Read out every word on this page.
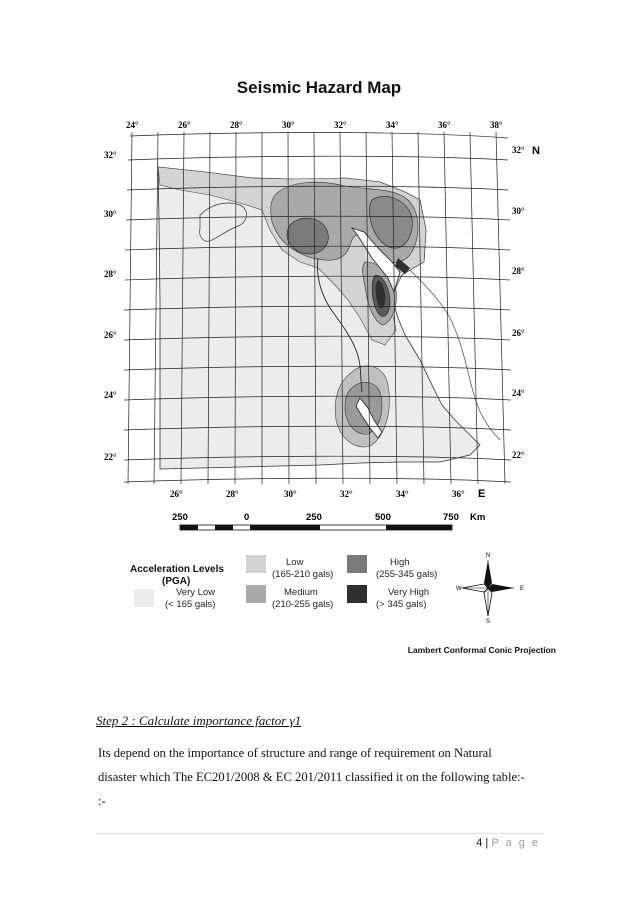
Seismic Hazard Map
24°	26°	28°	30°	32°	34°	36°	38°
26°	28°	30°	32°	34°	36° E
32°
30°
28°
26°
24°
22°
32° N
30°
28°
26°
24°
22°
250	0	250	500	750 Km
Acceleration Levels
(PGA)
Very Low
(< 165 gals)
Low
(165-210 gals)
Medium
(210-255 gals)
High
(255-345 gals)
Very High
(> 345 gals)
N
S
W	E
Lambert Conformal Conic Projection
Step 2 : Calculate importance factor γ1
Its depend on the importance of structure and range of requirement on Natural
disaster which The EC201/2008 & EC 201/2011 classified it on the following table:-
:-
4 | P a g e
